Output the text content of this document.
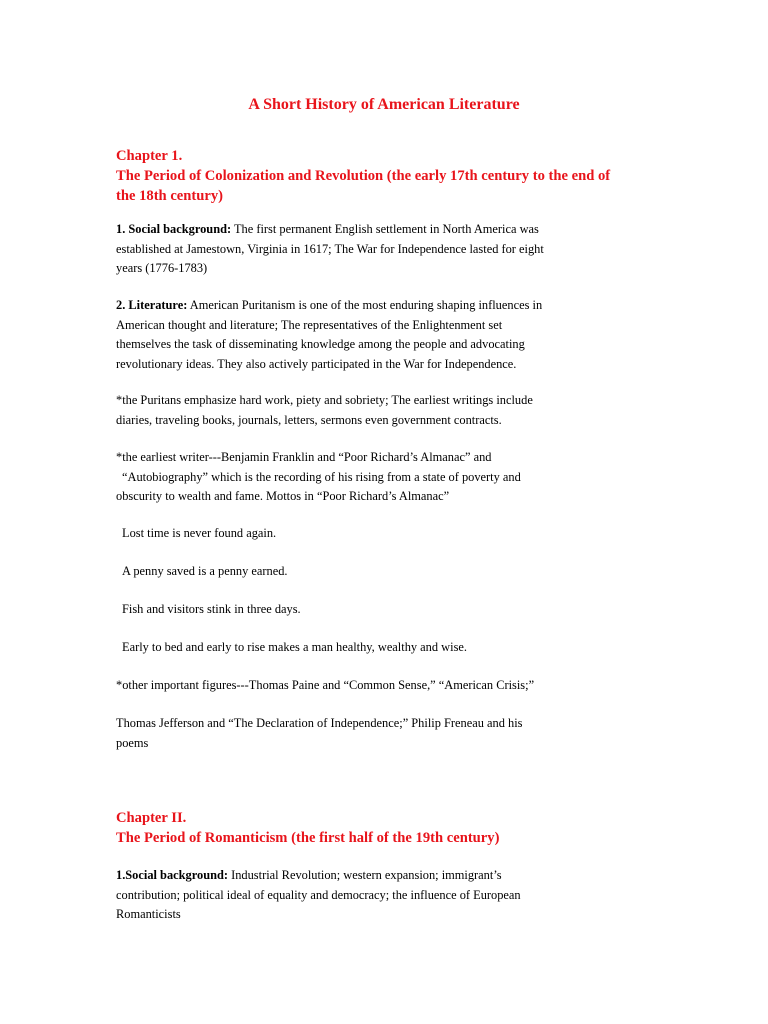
A Short History of American Literature
Chapter 1.
The Period of Colonization and Revolution (the early 17th century to the end of
the 18th century)
1. Social background: The first permanent English settlement in North America was
established at Jamestown, Virginia in 1617; The War for Independence lasted for eight
years (1776-1783)
2. Literature: American Puritanism is one of the most enduring shaping influences in
American thought and literature; The representatives of the Enlightenment set
themselves the task of disseminating knowledge among the people and advocating
revolutionary ideas. They also actively participated in the War for Independence.
*the Puritans emphasize hard work, piety and sobriety; The earliest writings include
diaries, traveling books, journals, letters, sermons even government contracts.
*the earliest writer---Benjamin Franklin and “Poor Richard’s Almanac” and
“Autobiography” which is the recording of his rising from a state of poverty and
obscurity to wealth and fame. Mottos in “Poor Richard’s Almanac”
Lost time is never found again.
A penny saved is a penny earned.
Fish and visitors stink in three days.
Early to bed and early to rise makes a man healthy, wealthy and wise.
*other important figures---Thomas Paine and “Common Sense,” “American Crisis;”
Thomas Jefferson and “The Declaration of Independence;” Philip Freneau and his
poems
Chapter II.
The Period of Romanticism (the first half of the 19th century)
1.Social background: Industrial Revolution; western expansion; immigrant’s
contribution; political ideal of equality and democracy; the influence of European
Romanticists
